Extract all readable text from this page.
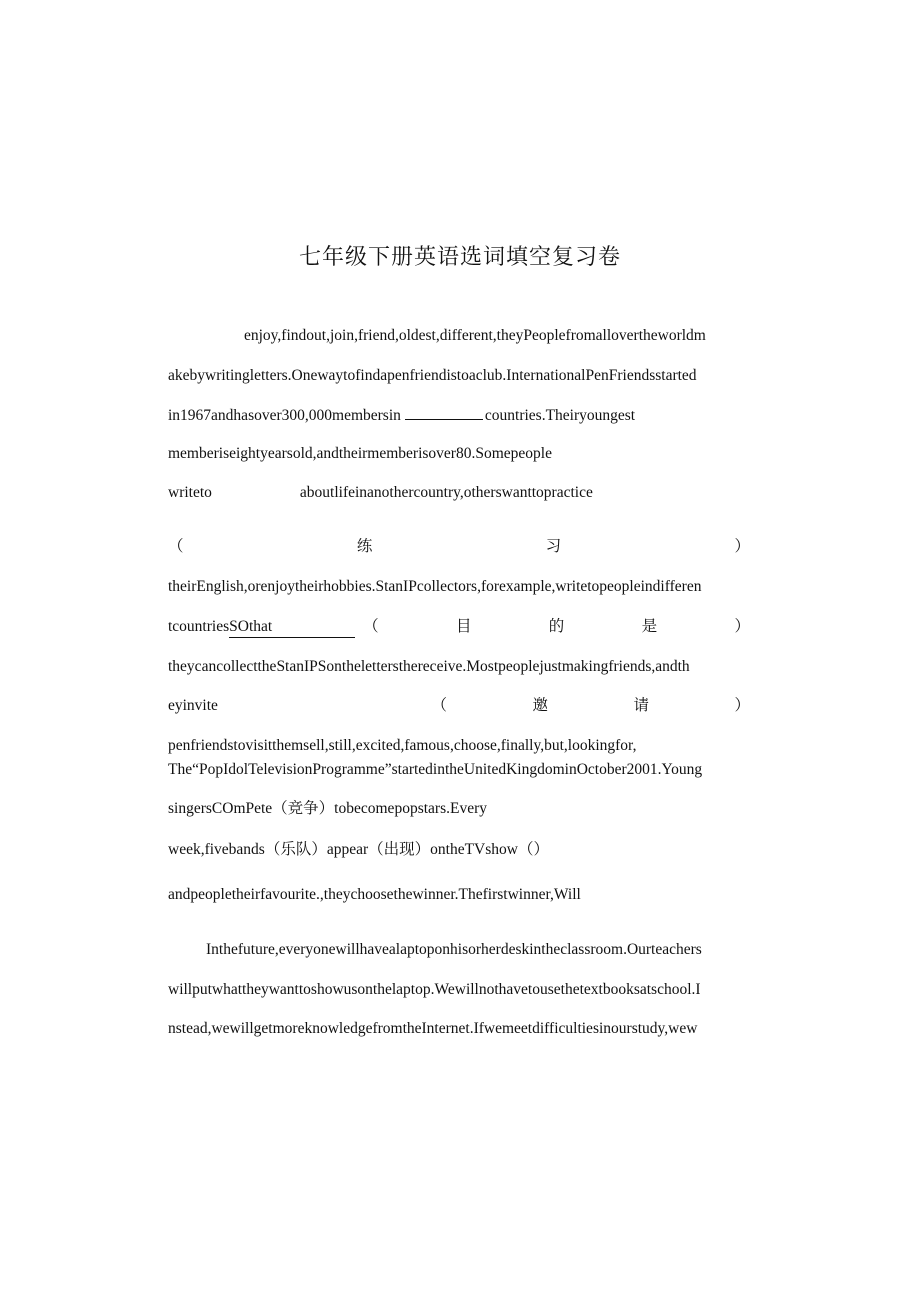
七年级下册英语选词填空复习卷
enjoy,findout,join,friend,oldest,different,theyPeoplefromallovertheworldm
akebywritingletters.Onewaytofindapenfriendistoaclub.InternationalPenFriendsstarted
in1967andhasover300,000membersin	countries.Theiryoungest
memberiseightyearsold,andtheirmemberisover80.Somepeople
writeto	aboutlifeinanothercountry,otherswanttopractice
（	练	习	）
theirEnglish,orenjoytheirhobbies.StanIPcollectors,forexample,writetopeopleindifferen
tcountries SOthat	（	目	的	是	）
theycancollecttheStanIPSonthelettersthereceive.Mostpeoplejustmakingfriends,andth
eyinvite	（	邀	请	）
penfriendstovisitthemsell,still,excited,famous,choose,finally,but,lookingfor,
The“PopIdolTelevisionProgramme”startedintheUnitedKingdominOctober2001.Young
singersCOmPete（竞争）tobecomepopstars.Every
week,fivebands（乐队）appear（出现）ontheTVshow（）
andpeopletheirfavourite.,theychoosethewinner.Thefirstwinner,Will
Inthefuture,everyonewillhavealaptoponhisorherdeskintheclassroom.Ourteachers
willputwhattheywanttoshowusonthelaptop.Wewillnothavetousethetextbooksatschool.I
nstead,wewillgetmoreknowledgefromtheInternet.Ifwemeetdifficultiesinourstudy,wew
